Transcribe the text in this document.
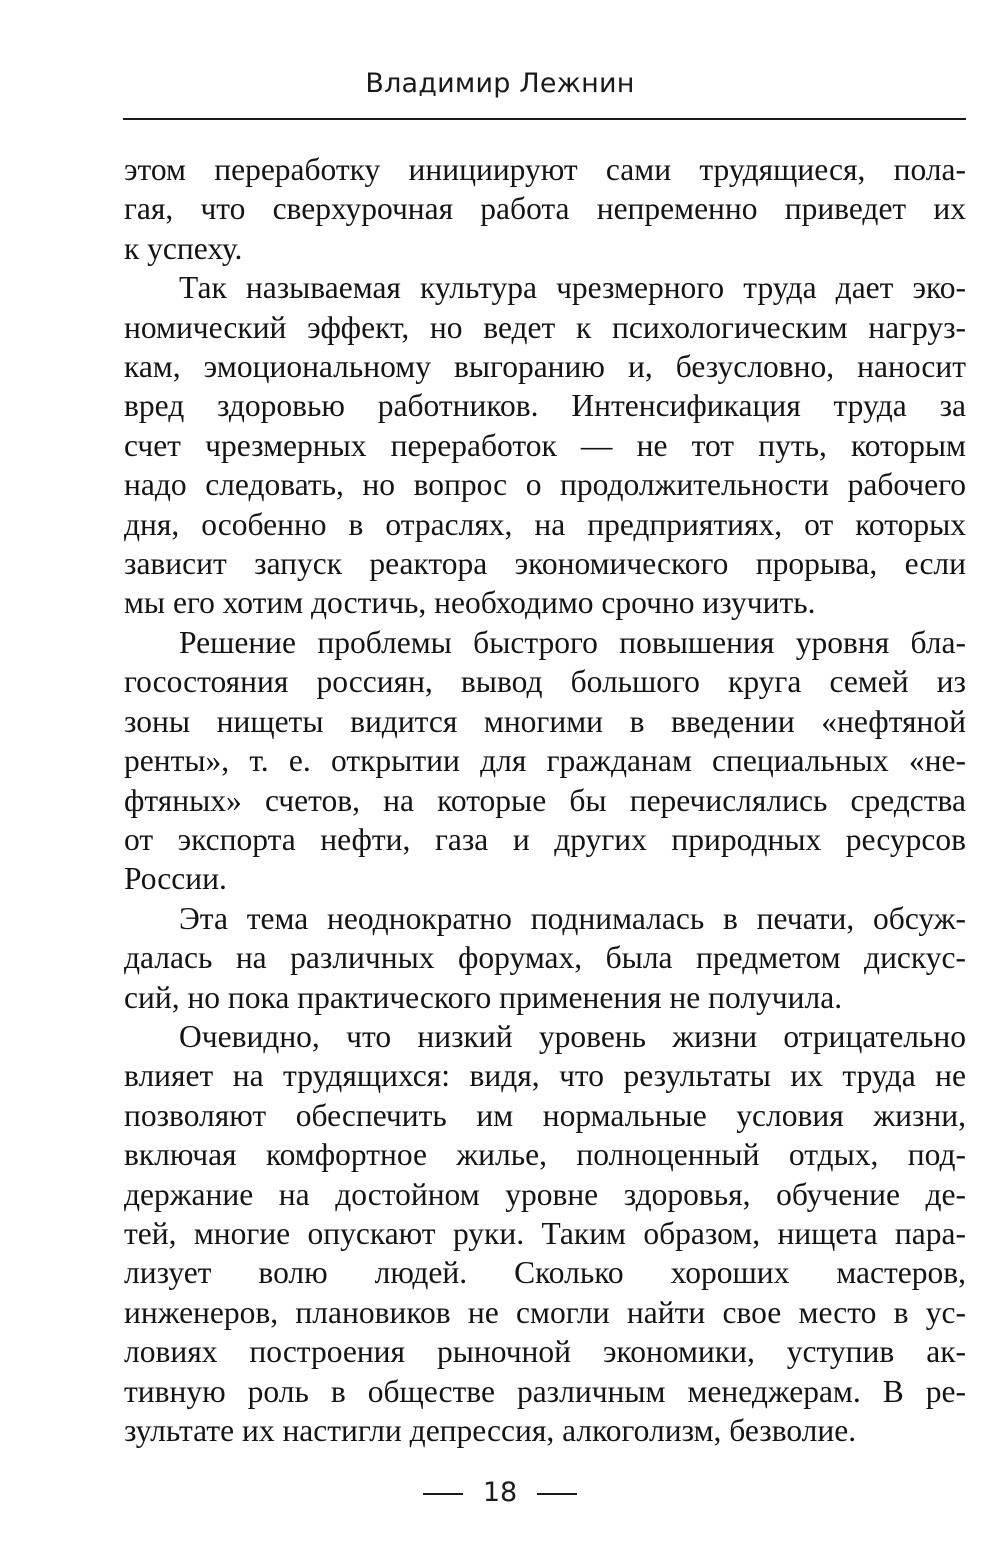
Владимир Лежнин
этом переработку инициируют сами трудящиеся, пола-
гая, что сверхурочная работа непременно приведет их
к успеху.
Так называемая культура чрезмерного труда дает эко-
номический эффект, но ведет к психологическим нагруз-
кам, эмоциональному выгоранию и, безусловно, наносит
вред здоровью работников. Интенсификация труда за
счет чрезмерных переработок — не тот путь, которым
надо следовать, но вопрос о продолжительности рабочего
дня, особенно в отраслях, на предприятиях, от которых
зависит запуск реактора экономического прорыва, если
мы его хотим достичь, необходимо срочно изучить.
Решение проблемы быстрого повышения уровня бла-
госостояния россиян, вывод большого круга семей из
зоны нищеты видится многими в введении «нефтяной
ренты», т. е. открытии для гражданам специальных «не-
фтяных» счетов, на которые бы перечислялись средства
от экспорта нефти, газа и других природных ресурсов
России.
Эта тема неоднократно поднималась в печати, обсуж-
далась на различных форумах, была предметом дискус-
сий, но пока практического применения не получила.
Очевидно, что низкий уровень жизни отрицательно
влияет на трудящихся: видя, что результаты их труда не
позволяют обеспечить им нормальные условия жизни,
включая комфортное жилье, полноценный отдых, под-
держание на достойном уровне здоровья, обучение де-
тей, многие опускают руки. Таким образом, нищета пара-
лизует волю людей. Сколько хороших мастеров,
инженеров, плановиков не смогли найти свое место в ус-
ловиях построения рыночной экономики, уступив ак-
тивную роль в обществе различным менеджерам. В ре-
зультате их настигли депрессия, алкоголизм, безволие.
18
